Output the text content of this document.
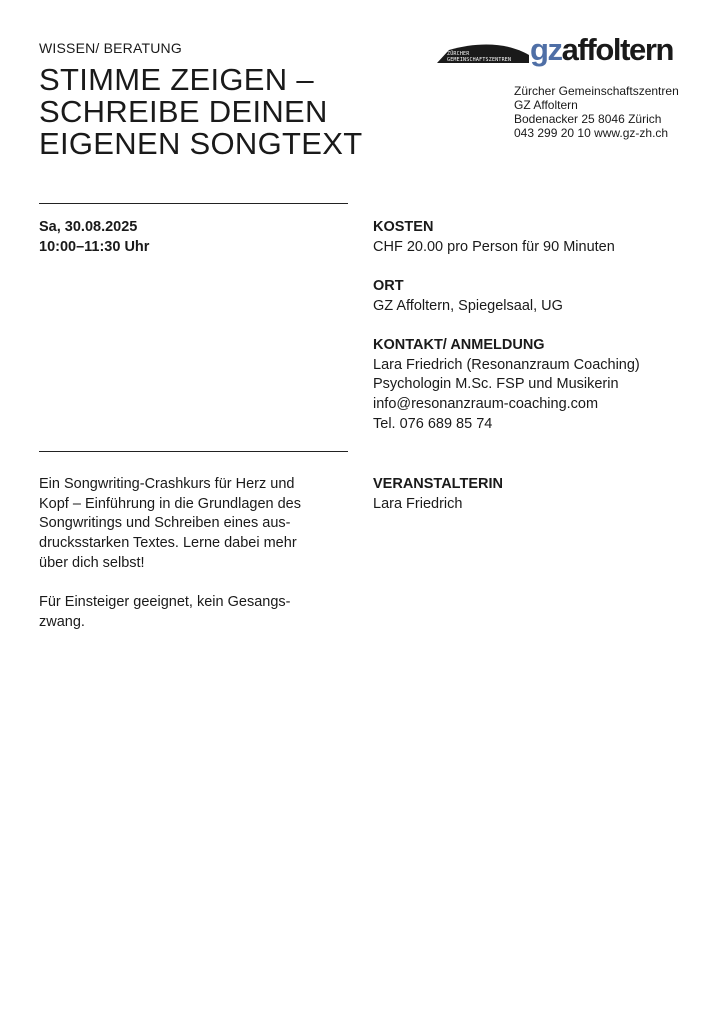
WISSEN/ BERATUNG
STIMME ZEIGEN –
SCHREIBE DEINEN
EIGENEN SONGTEXT
ZÜRCHER
GEMEINSCHAFTSZENTREN gzaffoltern
Zürcher Gemeinschaftszentren
GZ Affoltern
Bodenacker 25 8046 Zürich
043 299 20 10 www.gz-zh.ch
Sa, 30.08.2025
10:00–11:30 Uhr
KOSTEN
CHF 20.00 pro Person für 90 Minuten
ORT
GZ Affoltern, Spiegelsaal, UG
KONTAKT/ ANMELDUNG
Lara Friedrich (Resonanzraum Coaching)
Psychologin M.Sc. FSP und Musikerin
info@resonanzraum-coaching.com
Tel. 076 689 85 74

Ein Songwriting-Crashkurs für Herz und
Kopf – Einführung in die Grundlagen des
Songwritings und Schreiben eines aus-
drucksstarken Textes. Lerne dabei mehr
über dich selbst!

Für Einsteiger geeignet, kein Gesangs-
zwang.

VERANSTALTERIN
Lara Friedrich
